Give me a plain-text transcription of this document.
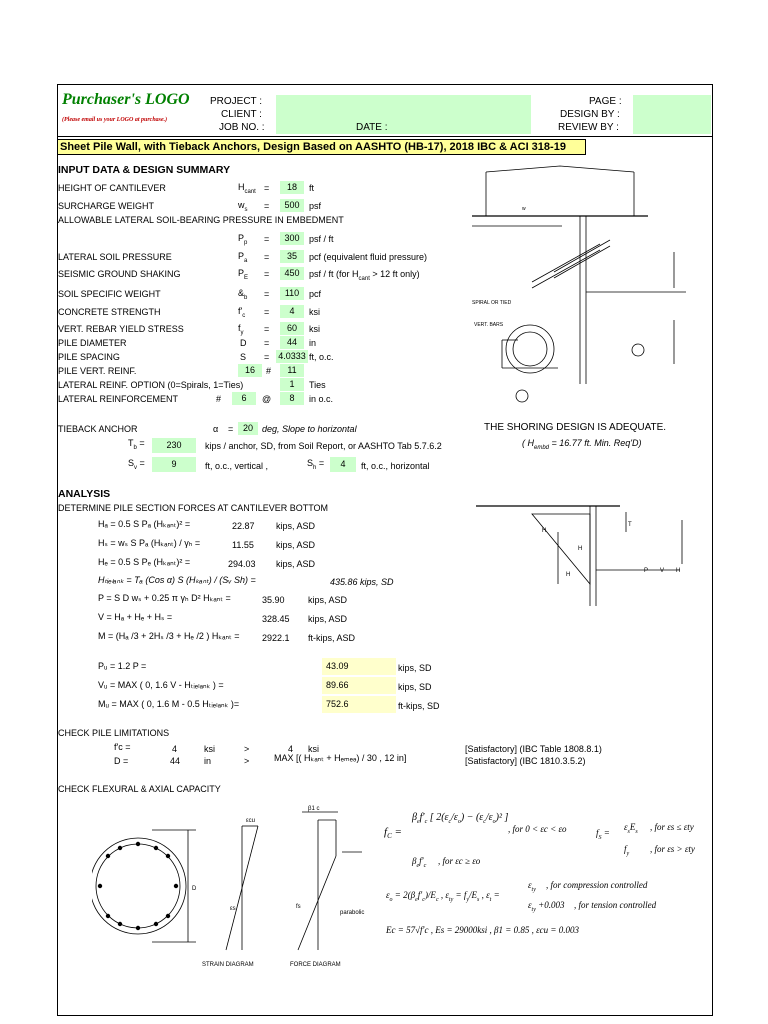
Purchaser's LOGO
(Please email us your LOGO at purchase.)
PROJECT :
CLIENT :
JOB NO. :	DATE :
PAGE :
DESIGN BY :
REVIEW BY :
Sheet Pile Wall, with Tieback Anchors, Design Based on AASHTO (HB-17), 2018 IBC & ACI 318-19
INPUT DATA & DESIGN SUMMARY
HEIGHT OF CANTILEVER	$H_{cant}$ =	18	ft
SURCHARGE WEIGHT	$w_s$ =	500	psf
ALLOWABLE LATERAL SOIL-BEARING PRESSURE IN EMBEDMENT
$P_p$ =	300	psf / ft
LATERAL SOIL PRESSURE	$P_a$ =	35	pcf (equivalent fluid pressure)
SEISMIC GROUND SHAKING	$P_E$ =	450	psf / ft (for $H_{cant} > 12$ ft only)
SOIL SPECIFIC WEIGHT	$\&_b$ =	110	pcf
CONCRETE STRENGTH	$f'_c$ =	4	ksi
VERT. REBAR YIELD STRESS	$f_y$ =	60	ksi
PILE DIAMETER	D =	44	in
PILE SPACING	S = 4.0333 ft, o.c.
PILE VERT. REINF.	16	#	11
LATERAL REINF. OPTION (0=Spirals, 1=Ties)	1	Ties
LATERAL REINFORCEMENT	#	6	@	8	in o.c.
TIEBACK ANCHOR	α =	20	deg, Slope to horizontal
$T_b$ =	230	kips / anchor, SD, from Soil Report, or AASHTO Tab 5.7.6.2
$S_v$ =	9	ft, o.c., vertical ,	$S_h$ =	4	ft, o.c., horizontal
THE SHORING DESIGN IS ADEQUATE.
( $H_{embd} = 16.77$ ft. Min. Req'D)
w
SPIRAL OR TIED
VERT. BARS
ANALYSIS
DETERMINE PILE SECTION FORCES AT CANTILEVER BOTTOM
Hₐ = 0.5 S Pₐ (Hₖₐₙₜ)² =	22.87 kips, ASD
Hₛ = wₛ S Pₐ (Hₖₐₙₜ) / γₕ =	11.55 kips, ASD
Hₑ = 0.5 S Pₑ (Hₖₐₙₜ)² =	294.03 kips, ASD
Hₜᵢₑₗₐₙₖ = Tₐ (Cos α) S (Hₖₐₙₜ) / (Sᵥ Sh) =	435.86 kips, SD
P = S D wₛ + 0.25 π γₕ D² Hₖₐₙₜ =	35.90	kips, ASD
V = Hₐ + Hₑ + Hₛ =	328.45 kips, ASD
M = (Hₐ /3 + 2Hₛ /3 + Hₑ /2 ) Hₖₐₙₜ = 2922.1 ft-kips, ASD
Pᵤ = 1.2 P =	43.09	kips, SD
Vᵤ = MAX ( 0, 1.6 V - Hₜᵢₑₗₐₙₖ ) =	89.66	kips, SD
Mᵤ = MAX ( 0, 1.6 M - 0.5 Hₜᵢₑₗₐₙₖ )=	752.6	ft-kips, SD
H
H
H
T
P V H
CHECK PILE LIMITATIONS
f′c =	4	ksi	>	4 ksi	[Satisfactory] (IBC Table 1808.8.1)
D =	44	in	>	MAX [( Hₖₐₙₜ + Hₑₘₑₔ) / 30 , 12 in]	[Satisfactory] (IBC 1810.3.5.2)
CHECK FLEXURAL & AXIAL CAPACITY
D
εcu
εs
β1 c
fs
STRAIN DIAGRAM	FORCE DIAGRAM
parabolic
$f_C$ =
$\beta_ef'_c$ [ $2(\varepsilon_c/\varepsilon_o) - (\varepsilon_c/\varepsilon_o)^2$ ]
, for 0 < εc < εo
$\beta_ef'_c$ , for εc ≥ εo
$f_S$ =
$\varepsilon_sE_s$ , for εs ≤ εty
$f_y$ , for εs > εty
$\varepsilon_o = 2(\beta_ef'_c)/E_c$ , $\varepsilon_{ty} = f_y/E_s$ , $\varepsilon_t$ =
$\varepsilon_{ty}$ , for compression controlled
$\varepsilon_{ty} +0.003$ , for tension controlled
Ec = 57√f′c , Es = 29000ksi , β1 = 0.85 , εcu = 0.003
